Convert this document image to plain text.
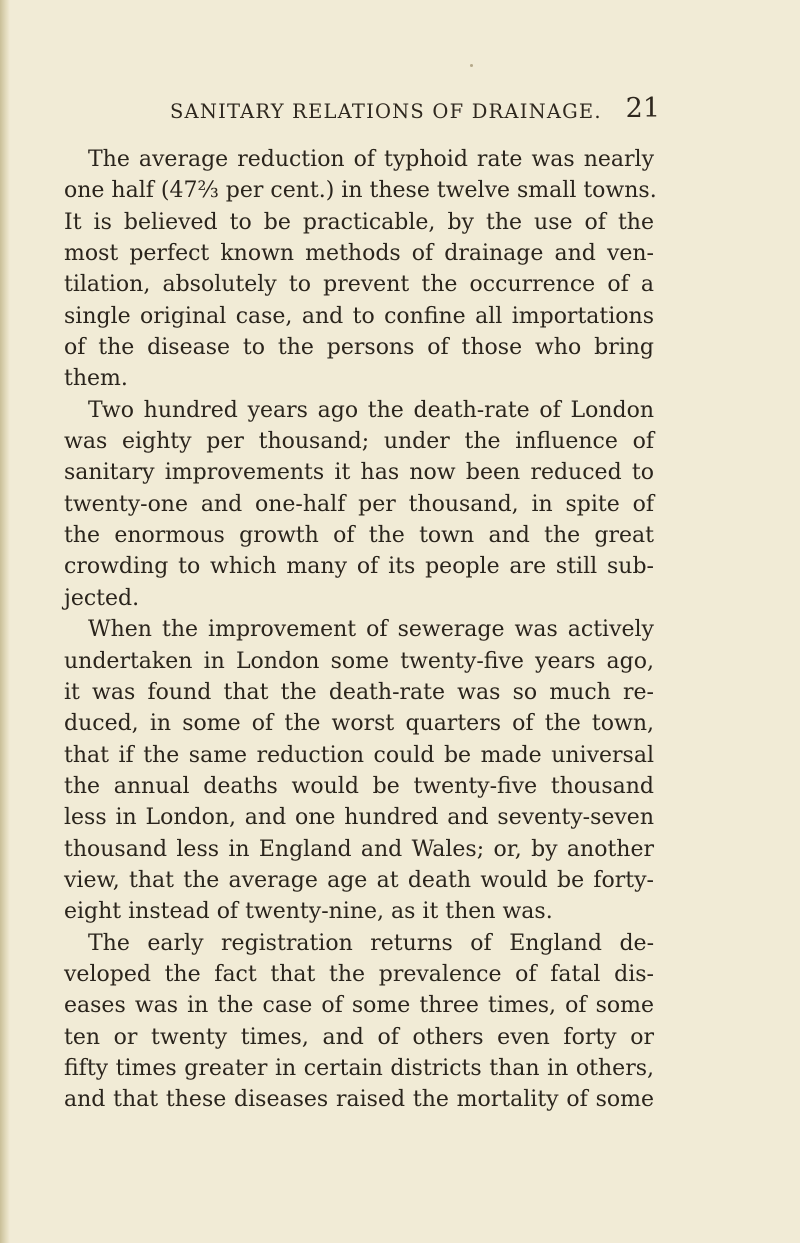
SANITARY RELATIONS OF DRAINAGE. 21
The average reduction of typhoid rate was nearly
one half (47⅔ per cent.) in these twelve small towns.
It is believed to be practicable, by the use of the
most perfect known methods of drainage and ven-
tilation, absolutely to prevent the occurrence of a
single original case, and to confine all importations
of the disease to the persons of those who bring
them.
Two hundred years ago the death-rate of London
was eighty per thousand; under the influence of
sanitary improvements it has now been reduced to
twenty-one and one-half per thousand, in spite of
the enormous growth of the town and the great
crowding to which many of its people are still sub-
jected.
When the improvement of sewerage was actively
undertaken in London some twenty-five years ago,
it was found that the death-rate was so much re-
duced, in some of the worst quarters of the town,
that if the same reduction could be made universal
the annual deaths would be twenty-five thousand
less in London, and one hundred and seventy-seven
thousand less in England and Wales; or, by another
view, that the average age at death would be forty-
eight instead of twenty-nine, as it then was.
The early registration returns of England de-
veloped the fact that the prevalence of fatal dis-
eases was in the case of some three times, of some
ten or twenty times, and of others even forty or
fifty times greater in certain districts than in others,
and that these diseases raised the mortality of some
